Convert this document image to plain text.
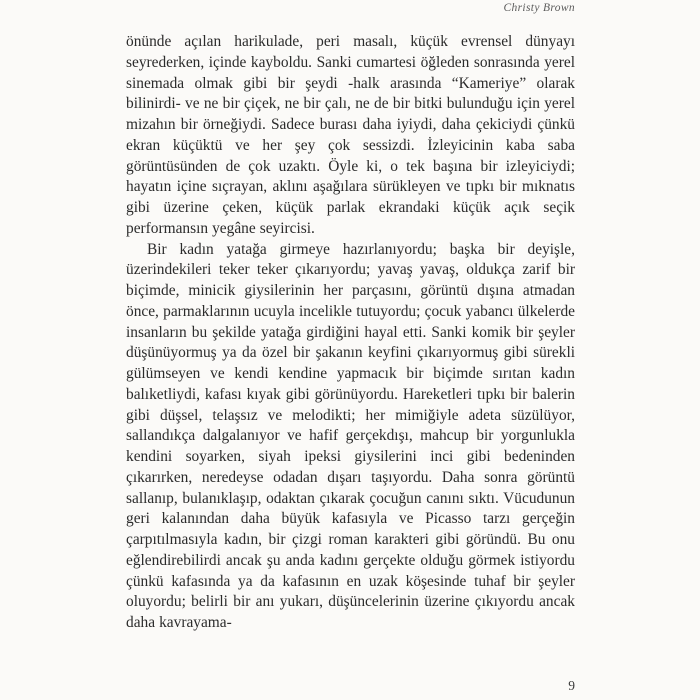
Christy Brown

önünde açılan harikulade, peri masalı, küçük evrensel dünyayı seyrederken, içinde kayboldu. Sanki cumartesi öğleden sonrasında yerel sinemada olmak gibi bir şeydi -halk arasında “Kameriye” olarak bilinirdi- ve ne bir çiçek, ne bir çalı, ne de bir bitki bulunduğu için yerel mizahın bir örneğiydi. Sadece burası daha iyiydi, daha çekiciydi çünkü ekran küçüktü ve her şey çok sessizdi. İzleyicinin kaba saba görüntüsünden de çok uzaktı. Öyle ki, o tek başına bir izleyiciydi; hayatın içine sıçrayan, aklını aşağılara sürükleyen ve tıpkı bir mıknatıs gibi üzerine çeken, küçük parlak ekrandaki küçük açık seçik performansın yegâne seyircisi.

Bir kadın yatağa girmeye hazırlanıyordu; başka bir deyişle, üzerindekileri teker teker çıkarıyordu; yavaş yavaş, oldukça zarif bir biçimde, minicik giysilerinin her parçasını, görüntü dışına atmadan önce, parmaklarının ucuyla incelikle tutuyordu; çocuk yabancı ülkelerde insanların bu şekilde yatağa girdiğini hayal etti. Sanki komik bir şeyler düşünüyormuş ya da özel bir şakanın keyfini çıkarıyormuş gibi sürekli gülümseyen ve kendi kendine yapmacık bir biçimde sırıtan kadın balıketliydi, kafası kıyak gibi görünüyordu. Hareketleri tıpkı bir balerin gibi düşsel, telaşsız ve melodikti; her mimiğiyle adeta süzülüyor, sallandıkça dalgalanıyor ve hafif gerçekdışı, mahcup bir yorgunlukla kendini soyarken, siyah ipeksi giysilerini inci gibi bedeninden çıkarırken, neredeyse odadan dışarı taşıyordu. Daha sonra görüntü sallanıp, bulanıklaşıp, odaktan çıkarak çocuğun canını sıktı. Vücudunun geri kalanından daha büyük kafasıyla ve Picasso tarzı gerçeğin çarpıtılmasıyla kadın, bir çizgi roman karakteri gibi göründü. Bu onu eğlendirebilirdi ancak şu anda kadını gerçekte olduğu görmek istiyordu çünkü kafasında ya da kafasının en uzak köşesinde tuhaf bir şeyler oluyordu; belirli bir anı yukarı, düşüncelerinin üzerine çıkıyordu ancak daha kavrayama-

9
